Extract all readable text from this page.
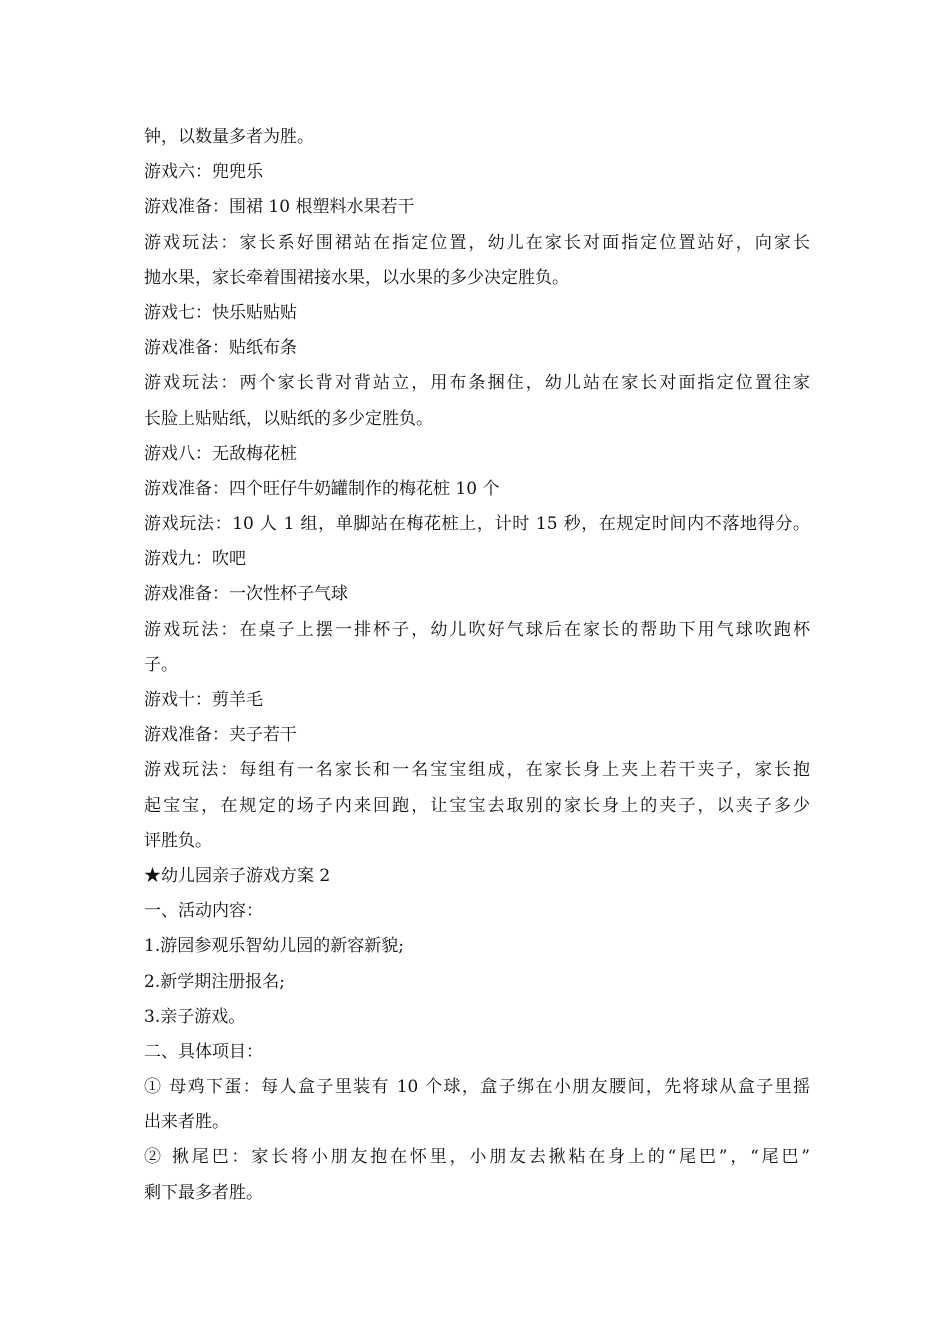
钟，以数量多者为胜。
游戏六：兜兜乐
游戏准备：围裙 10 根塑料水果若干
游戏玩法：家长系好围裙站在指定位置，幼儿在家长对面指定位置站好，向家长
抛水果，家长牵着围裙接水果，以水果的多少决定胜负。
游戏七：快乐贴贴贴
游戏准备：贴纸布条
游戏玩法：两个家长背对背站立，用布条捆住，幼儿站在家长对面指定位置往家
长脸上贴贴纸，以贴纸的多少定胜负。
游戏八：无敌梅花桩
游戏准备：四个旺仔牛奶罐制作的梅花桩 10 个
游戏玩法：10 人 1 组，单脚站在梅花桩上，计时 15 秒，在规定时间内不落地得分。
游戏九：吹吧
游戏准备：一次性杯子气球
游戏玩法：在桌子上摆一排杯子，幼儿吹好气球后在家长的帮助下用气球吹跑杯
子。
游戏十：剪羊毛
游戏准备：夹子若干
游戏玩法：每组有一名家长和一名宝宝组成，在家长身上夹上若干夹子，家长抱
起宝宝，在规定的场子内来回跑，让宝宝去取别的家长身上的夹子，以夹子多少
评胜负。
★幼儿园亲子游戏方案 2
一、活动内容：
1.游园参观乐智幼儿园的新容新貌;
2.新学期注册报名;
3.亲子游戏。
二、具体项目：
① 母鸡下蛋：每人盒子里装有 10 个球，盒子绑在小朋友腰间，先将球从盒子里摇
出来者胜。
② 揪尾巴：家长将小朋友抱在怀里，小朋友去揪粘在身上的“尾巴”，“尾巴”
剩下最多者胜。
